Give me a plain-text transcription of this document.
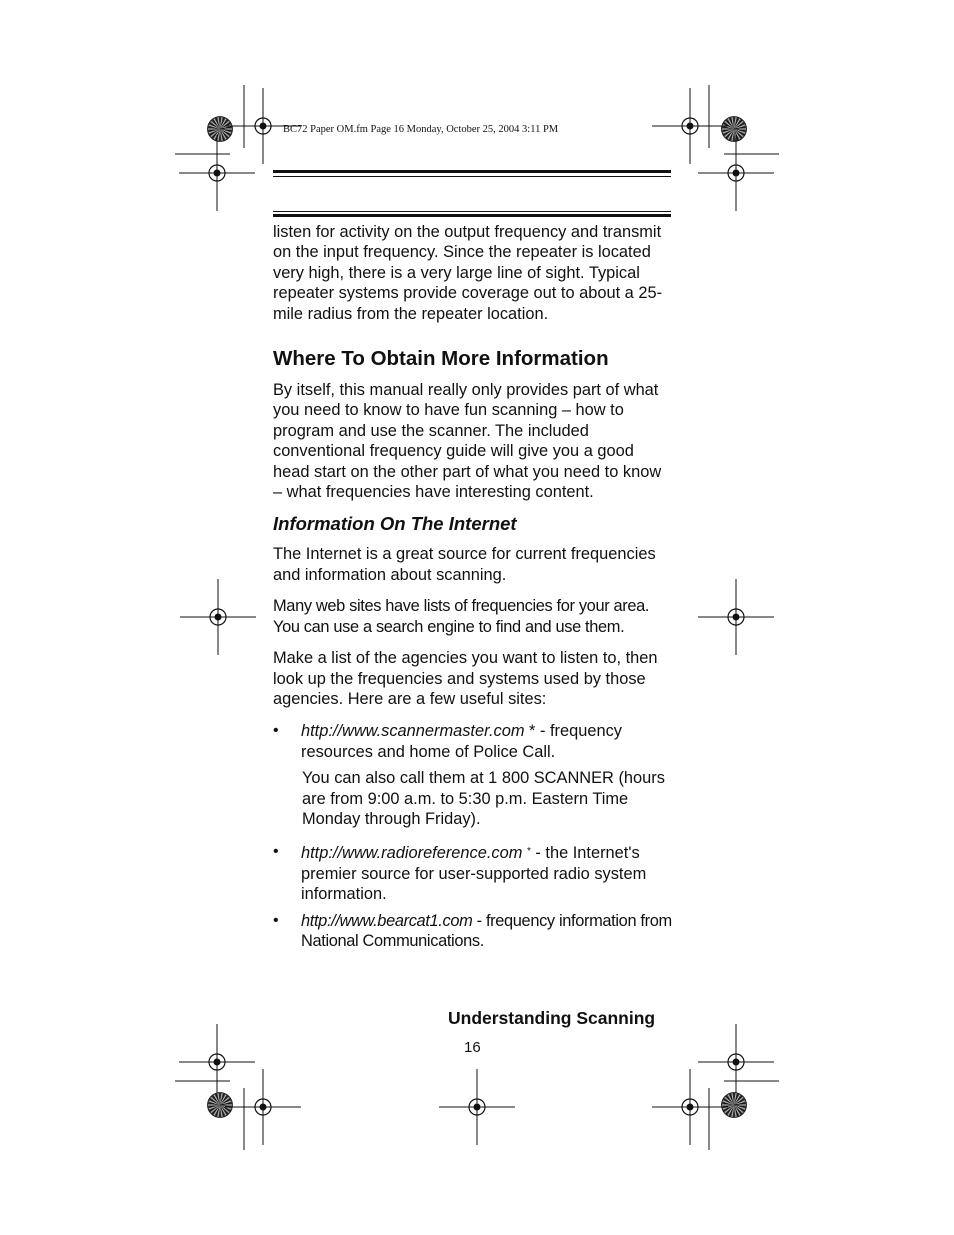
BC72 Paper OM.fm Page 16 Monday, October 25, 2004 3:11 PM

listen for activity on the output frequency and transmit on the input frequency. Since the repeater is located very high, there is a very large line of sight. Typical repeater systems provide coverage out to about a 25-mile radius from the repeater location.

Where To Obtain More Information

By itself, this manual really only provides part of what you need to know to have fun scanning – how to program and use the scanner. The included conventional frequency guide will give you a good head start on the other part of what you need to know – what frequencies have interesting content.

Information On The Internet

The Internet is a great source for current frequencies and information about scanning.

Many web sites have lists of frequencies for your area. You can use a search engine to find and use them.

Make a list of the agencies you want to listen to, then look up the frequencies and systems used by those agencies. Here are a few useful sites:

• http://www.scannermaster.com * - frequency resources and home of Police Call.

You can also call them at 1 800 SCANNER (hours are from 9:00 a.m. to 5:30 p.m. Eastern Time Monday through Friday).

• http://www.radioreference.com * - the Internet's premier source for user-supported radio system information.

• http://www.bearcat1.com - frequency information from National Communications.

Understanding Scanning
16
